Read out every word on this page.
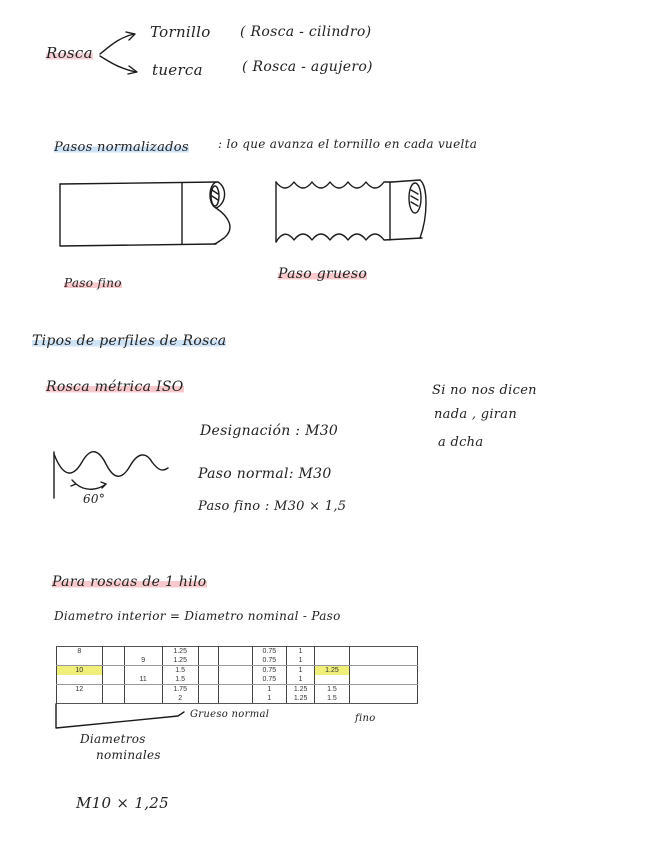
Rosca
Tornillo ( Rosca - cilindro)
tuerca	( Rosca - agujero)
Pasos normalizados : lo que avanza el tornillo en cada vuelta
Paso fino
Paso grueso
Tipos de perfiles de Rosca
Rosca métrica ISO
60°
Designación : M30
Paso normal: M30
Paso fino : M30 × 1,5
Si no nos dicen
nada , giran
a dcha
Para roscas de 1 hilo
Diametro interior = Diametro nominal - Paso
8			1.25			0.75	1		
		9	1.25			0.75	1		
10			1.5			0.75	1	1.25	
		11	1.5			0.75	1		
12			1.75			1	1.25	1.5	
			2			1	1.25	1.5	
Grueso normal	fino
Diametros
nominales
M10 × 1,25
